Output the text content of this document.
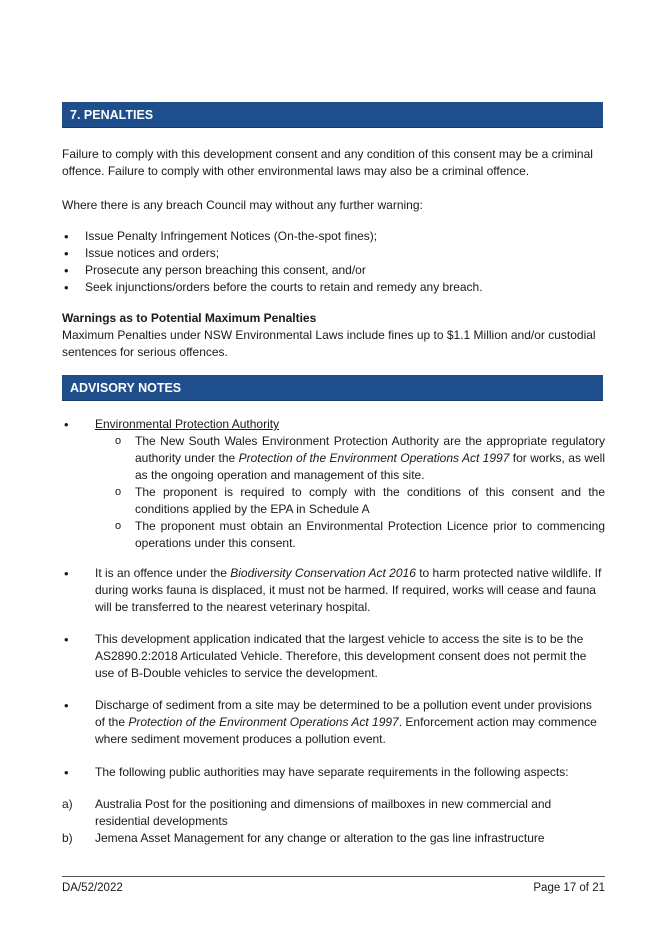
7. PENALTIES

Failure to comply with this development consent and any condition of this consent may be a criminal offence. Failure to comply with other environmental laws may also be a criminal offence.

Where there is any breach Council may without any further warning:

• Issue Penalty Infringement Notices (On-the-spot fines);
• Issue notices and orders;
• Prosecute any person breaching this consent, and/or
• Seek injunctions/orders before the courts to retain and remedy any breach.

Warnings as to Potential Maximum Penalties

Maximum Penalties under NSW Environmental Laws include fines up to $1.1 Million and/or custodial sentences for serious offences.

ADVISORY NOTES
• Environmental Protection Authority

o The New South Wales Environment Protection Authority are the appropriate regulatory authority under the Protection of the Environment Operations Act 1997 for works, as well as the ongoing operation and management of this site.
o The proponent is required to comply with the conditions of this consent and the conditions applied by the EPA in Schedule A
o The proponent must obtain an Environmental Protection Licence prior to commencing operations under this consent.
• It is an offence under the Biodiversity Conservation Act 2016 to harm protected native wildlife. If during works fauna is displaced, it must not be harmed. If required, works will cease and fauna will be transferred to the nearest veterinary hospital.

• This development application indicated that the largest vehicle to access the site is to be the AS2890.2:2018 Articulated Vehicle. Therefore, this development consent does not permit the use of B-Double vehicles to service the development.

• Discharge of sediment from a site may be determined to be a pollution event under provisions of the Protection of the Environment Operations Act 1997. Enforcement action may commence where sediment movement produces a pollution event.

• The following public authorities may have separate requirements in the following aspects:

a)	Australia Post for the positioning and dimensions of mailboxes in new commercial and residential developments
b)	Jemena Asset Management for any change or alteration to the gas line infrastructure
DA/52/2022	Page 17 of 21
